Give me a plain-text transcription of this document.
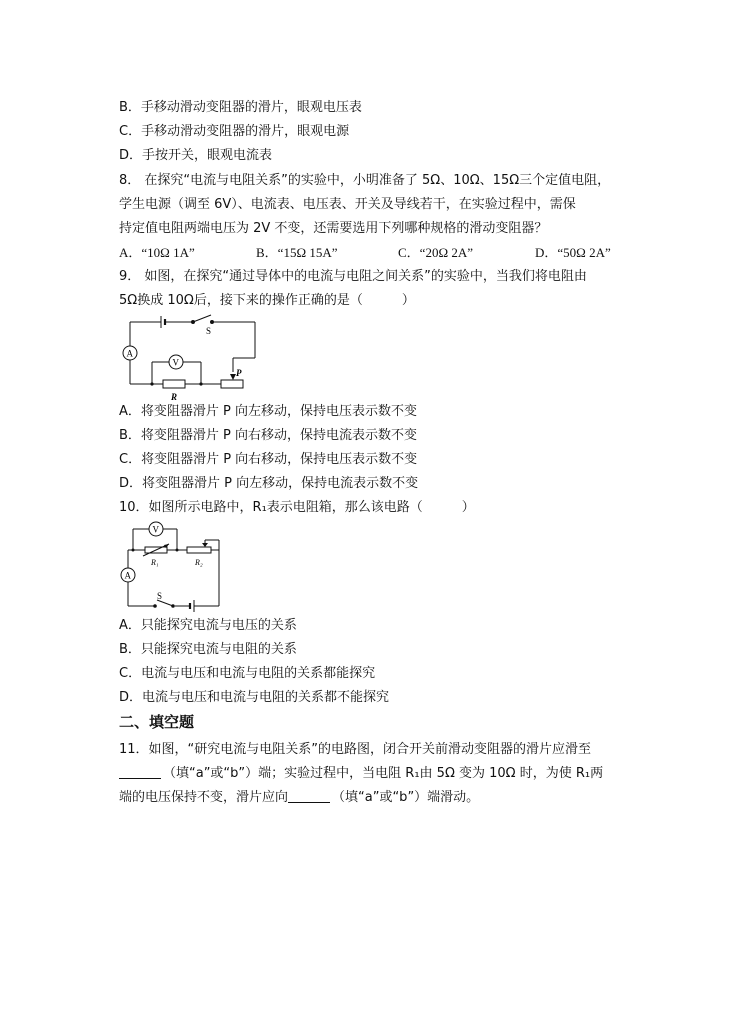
B．手移动滑动变阻器的滑片，眼观电压表
C．手移动滑动变阻器的滑片，眼观电源
D．手按开关，眼观电流表
8． 在探究“电流与电阻关系”的实验中，小明准备了 5Ω、10Ω、15Ω三个定值电阻，
学生电源（调至 6V）、电流表、电压表、开关及导线若干，在实验过程中，需保
持定值电阻两端电压为 2V 不变，还需要选用下列哪种规格的滑动变阻器？
A．“10Ω 1A”	B．“15Ω 15A”	C．“20Ω 2A”	D．“50Ω 2A”
9． 如图，在探究“通过导体中的电流与电阻之间关系”的实验中，当我们将电阻由
5Ω换成 10Ω后，接下来的操作正确的是（　　　）
S
A
V
R
P
A．将变阻器滑片 P 向左移动，保持电压表示数不变
B．将变阻器滑片 P 向右移动，保持电流表示数不变
C．将变阻器滑片 P 向右移动，保持电压表示数不变
D．将变阻器滑片 P 向左移动，保持电流表示数不变
10．如图所示电路中，R₁表示电阻箱，那么该电路（　　　）
V
A
R₁	R₂
S
A．只能探究电流与电压的关系
B．只能探究电流与电阻的关系
C．电流与电压和电流与电阻的关系都能探究
D．电流与电压和电流与电阻的关系都不能探究
二、填空题
11．如图，“研究电流与电阻关系”的电路图，闭合开关前滑动变阻器的滑片应滑至
（填“a”或“b”）端；实验过程中，当电阻 R₁由 5Ω 变为 10Ω 时，为使 R₁两
端的电压保持不变，滑片应向	（填“a”或“b”）端滑动。
